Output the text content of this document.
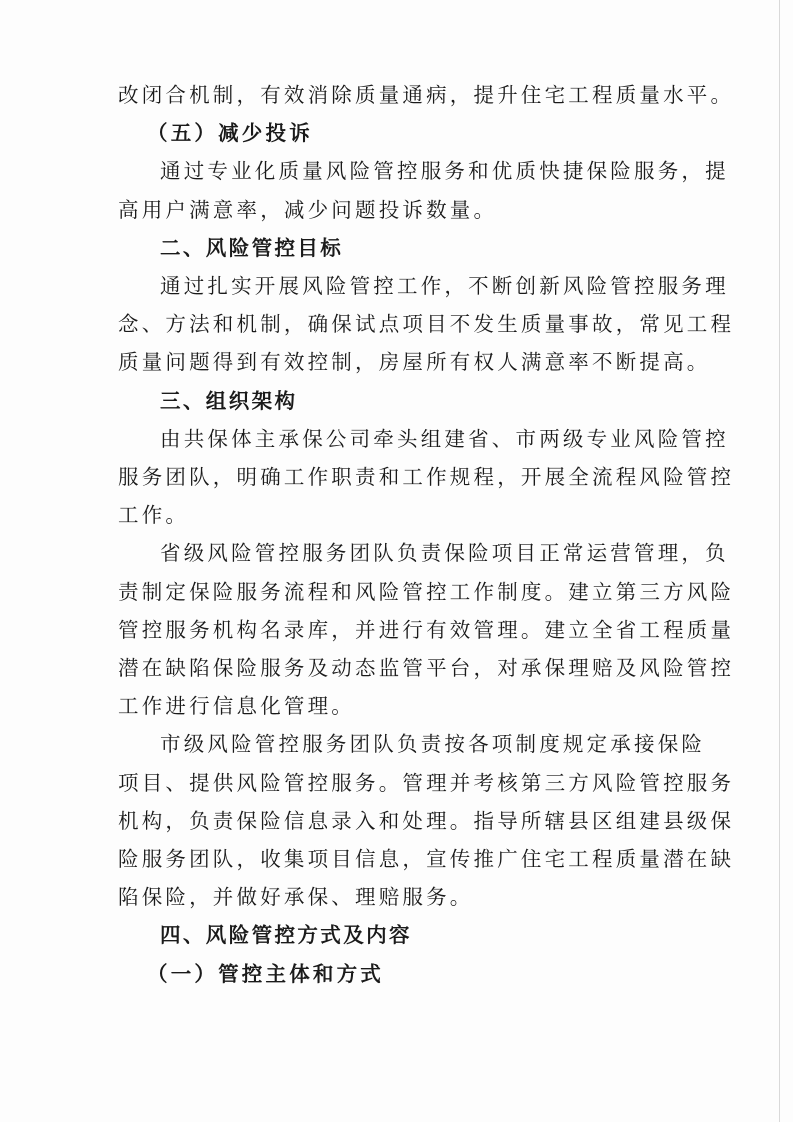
改闭合机制，有效消除质量通病，提升住宅工程质量水平。
（五）减少投诉
通过专业化质量风险管控服务和优质快捷保险服务，提
高用户满意率，减少问题投诉数量。
二、风险管控目标
通过扎实开展风险管控工作，不断创新风险管控服务理
念、方法和机制，确保试点项目不发生质量事故，常见工程
质量问题得到有效控制，房屋所有权人满意率不断提高。
三、组织架构
由共保体主承保公司牵头组建省、市两级专业风险管控
服务团队，明确工作职责和工作规程，开展全流程风险管控
工作。
省级风险管控服务团队负责保险项目正常运营管理，负
责制定保险服务流程和风险管控工作制度。建立第三方风险
管控服务机构名录库，并进行有效管理。建立全省工程质量
潜在缺陷保险服务及动态监管平台，对承保理赔及风险管控
工作进行信息化管理。
市级风险管控服务团队负责按各项制度规定承接保险
项目、提供风险管控服务。管理并考核第三方风险管控服务
机构，负责保险信息录入和处理。指导所辖县区组建县级保
险服务团队，收集项目信息，宣传推广住宅工程质量潜在缺
陷保险，并做好承保、理赔服务。
四、风险管控方式及内容
（一）管控主体和方式
